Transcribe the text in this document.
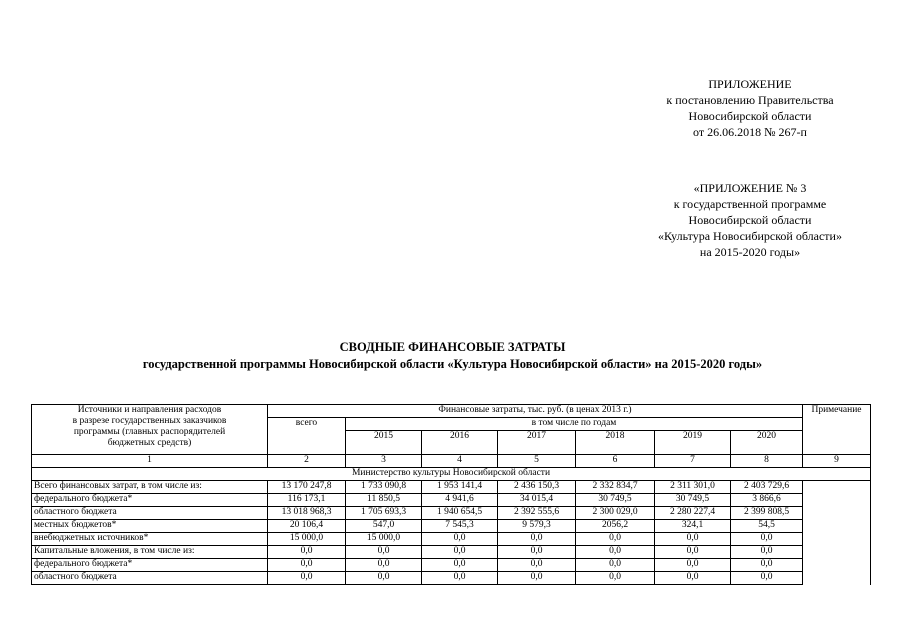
ПРИЛОЖЕНИЕ
к постановлению Правительства
Новосибирской области
от 26.06.2018 № 267-п
«ПРИЛОЖЕНИЕ № 3
к государственной программе
Новосибирской области
«Культура Новосибирской области»
на 2015-2020 годы»
СВОДНЫЕ ФИНАНСОВЫЕ ЗАТРАТЫ
государственной программы Новосибирской области «Культура Новосибирской области» на 2015-2020 годы»
Источники и направления расходов
в разрезе государственных заказчиков
программы (главных распорядителей
бюджетных средств)	Финансовые затраты, тыс. руб. (в ценах 2013 г.)							Примечание
	всего	в том числе по годам						
		2015	2016	2017	2018	2019	2020	
1	2	3	4	5	6	7	8	9
Министерство культуры Новосибирской области								
Всего финансовых затрат, в том числе из:	13 170 247,8	1 733 090,8	1 953 141,4	2 436 150,3	2 332 834,7	2 311 301,0	2 403 729,6	
федерального бюджета*	116 173,1	11 850,5	4 941,6	34 015,4	30 749,5	30 749,5	3 866,6	
областного бюджета	13 018 968,3	1 705 693,3	1 940 654,5	2 392 555,6	2 300 029,0	2 280 227,4	2 399 808,5	
местных бюджетов*	20 106,4	547,0	7 545,3	9 579,3	2056,2	324,1	54,5	
внебюджетных источников*	15 000,0	15 000,0	0,0	0,0	0,0	0,0	0,0	
Капитальные вложения, в том числе из:	0,0	0,0	0,0	0,0	0,0	0,0	0,0	
федерального бюджета*	0,0	0,0	0,0	0,0	0,0	0,0	0,0	
областного бюджета	0,0	0,0	0,0	0,0	0,0	0,0	0,0	
